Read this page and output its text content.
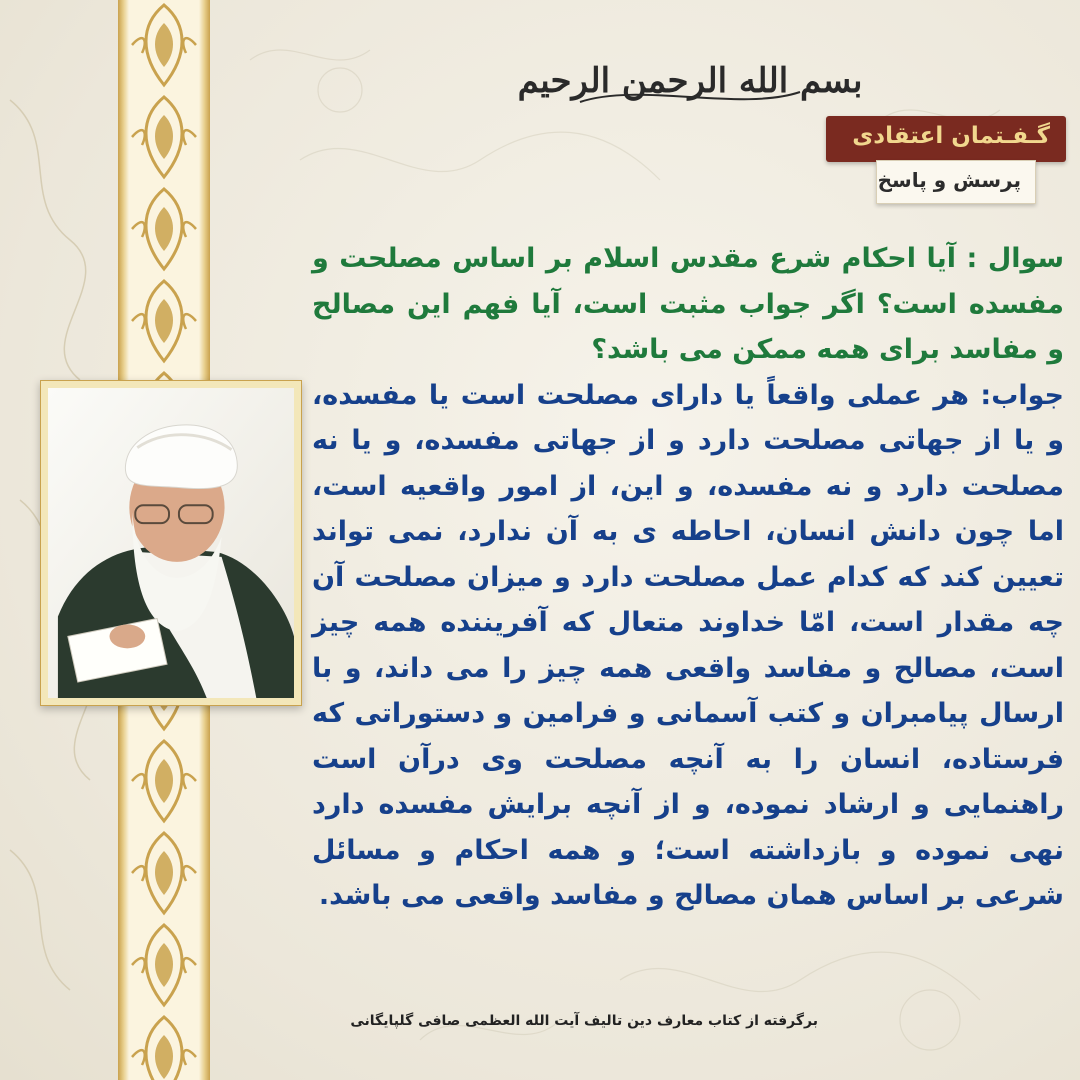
بسم الله الرحمن الرحیم
گـفـتمان اعتقادی
پرسش و پاسخ

سوال : آیا احکام شرع مقدس اسلام بر اساس مصلحت و مفسده است؟ اگر جواب مثبت است، آیا فهم این مصالح و مفاسد برای همه ممکن می باشد؟

جواب: هر عملی واقعاً یا دارای مصلحت است یا مفسده، و یا از جهاتی مصلحت دارد و از جهاتی مفسده، و یا نه مصلحت دارد و نه مفسده، و این، از امور واقعیه است، اما چون دانش انسان، احاطه ی به آن ندارد، نمی تواند تعیین کند که کدام عمل مصلحت دارد و میزان مصلحت آن چه مقدار است، امّا خداوند متعال که آفریننده همه چیز است، مصالح و مفاسد واقعی همه چیز را می داند، و با ارسال پیامبران و کتب آسمانی و فرامین و دستوراتی که فرستاده، انسان را به آنچه مصلحت وی درآن است راهنمایی و ارشاد نموده، و از آنچه برایش مفسده دارد نهی نموده و بازداشته است؛ و همه احکام و مسائل شرعی بر اساس همان مصالح و مفاسد واقعی می باشد.

برگرفته از کتاب معارف دین تالیف آیت الله العظمی صافی گلپایگانی
